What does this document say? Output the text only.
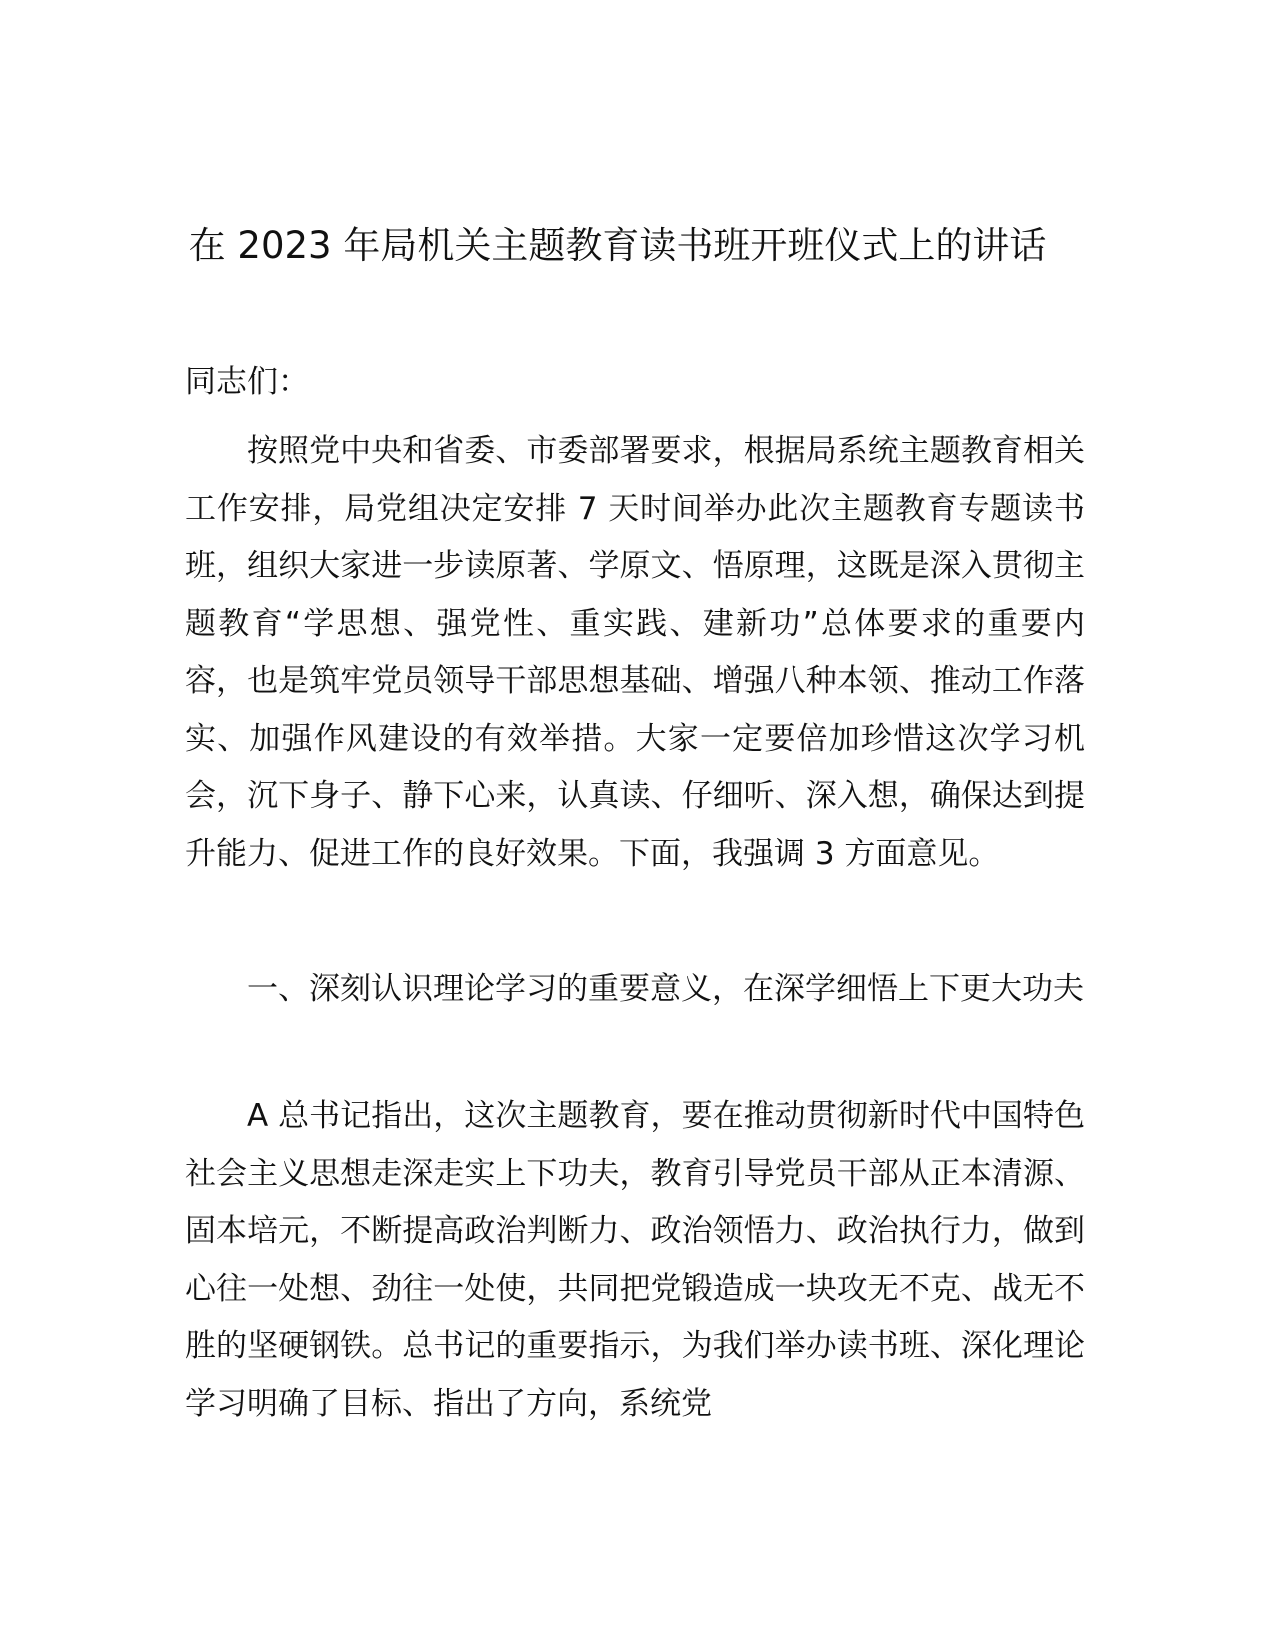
在 2023 年局机关主题教育读书班开班仪式上的讲话

同志们：

按照党中央和省委、市委部署要求，根据局系统主题教育相关工作安排，局党组决定安排 7 天时间举办此次主题教育专题读书班，组织大家进一步读原著、学原文、悟原理，这既是深入贯彻主题教育“学思想、强党性、重实践、建新功”总体要求的重要内容，也是筑牢党员领导干部思想基础、增强八种本领、推动工作落实、加强作风建设的有效举措。大家一定要倍加珍惜这次学习机会，沉下身子、静下心来，认真读、仔细听、深入想，确保达到提升能力、促进工作的良好效果。下面，我强调 3 方面意见。

一、深刻认识理论学习的重要意义，在深学细悟上下更大功夫

A 总书记指出，这次主题教育，要在推动贯彻新时代中国特色社会主义思想走深走实上下功夫，教育引导党员干部从正本清源、固本培元，不断提高政治判断力、政治领悟力、政治执行力，做到心往一处想、劲往一处使，共同把党锻造成一块攻无不克、战无不胜的坚硬钢铁。总书记的重要指示，为我们举办读书班、深化理论学习明确了目标、指出了方向，系统党
